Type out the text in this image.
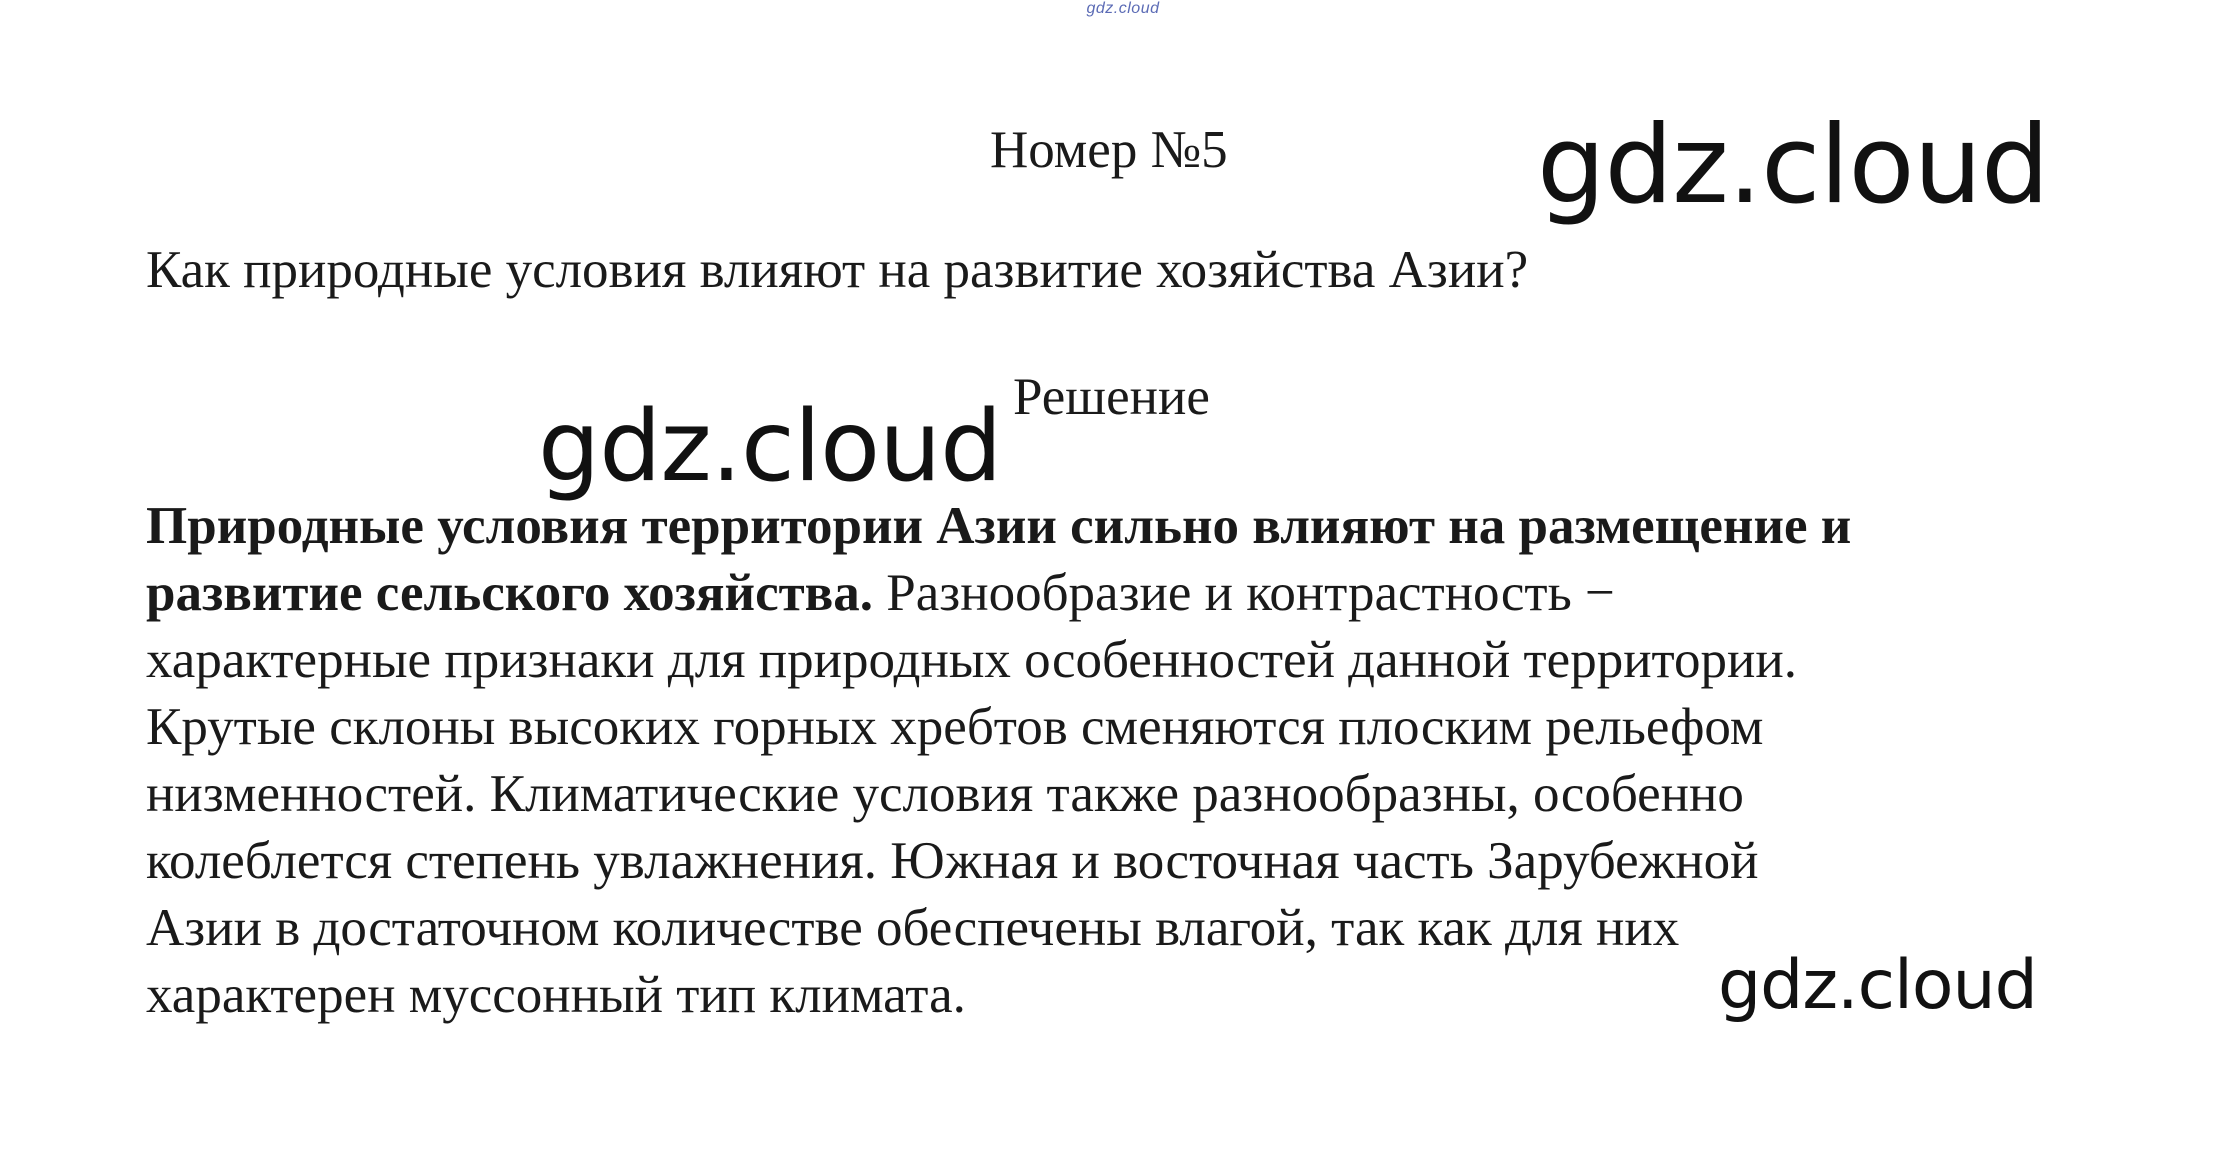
gdz.cloud
Номер №5
Как природные условия влияют на развитие хозяйства Азии?
Решение

Природные условия территории Азии сильно влияют на размещение и
развитие сельского хозяйства. Разнообразие и контрастность −
характерные признаки для природных особенностей данной территории.
Крутые склоны высоких горных хребтов сменяются плоским рельефом
низменностей. Климатические условия также разнообразны, особенно
колеблется степень увлажнения. Южная и восточная часть Зарубежной
Азии в достаточном количестве обеспечены влагой, так как для них
характерен муссонный тип климата.

gdz.cloud
gdz.cloud
gdz.cloud
